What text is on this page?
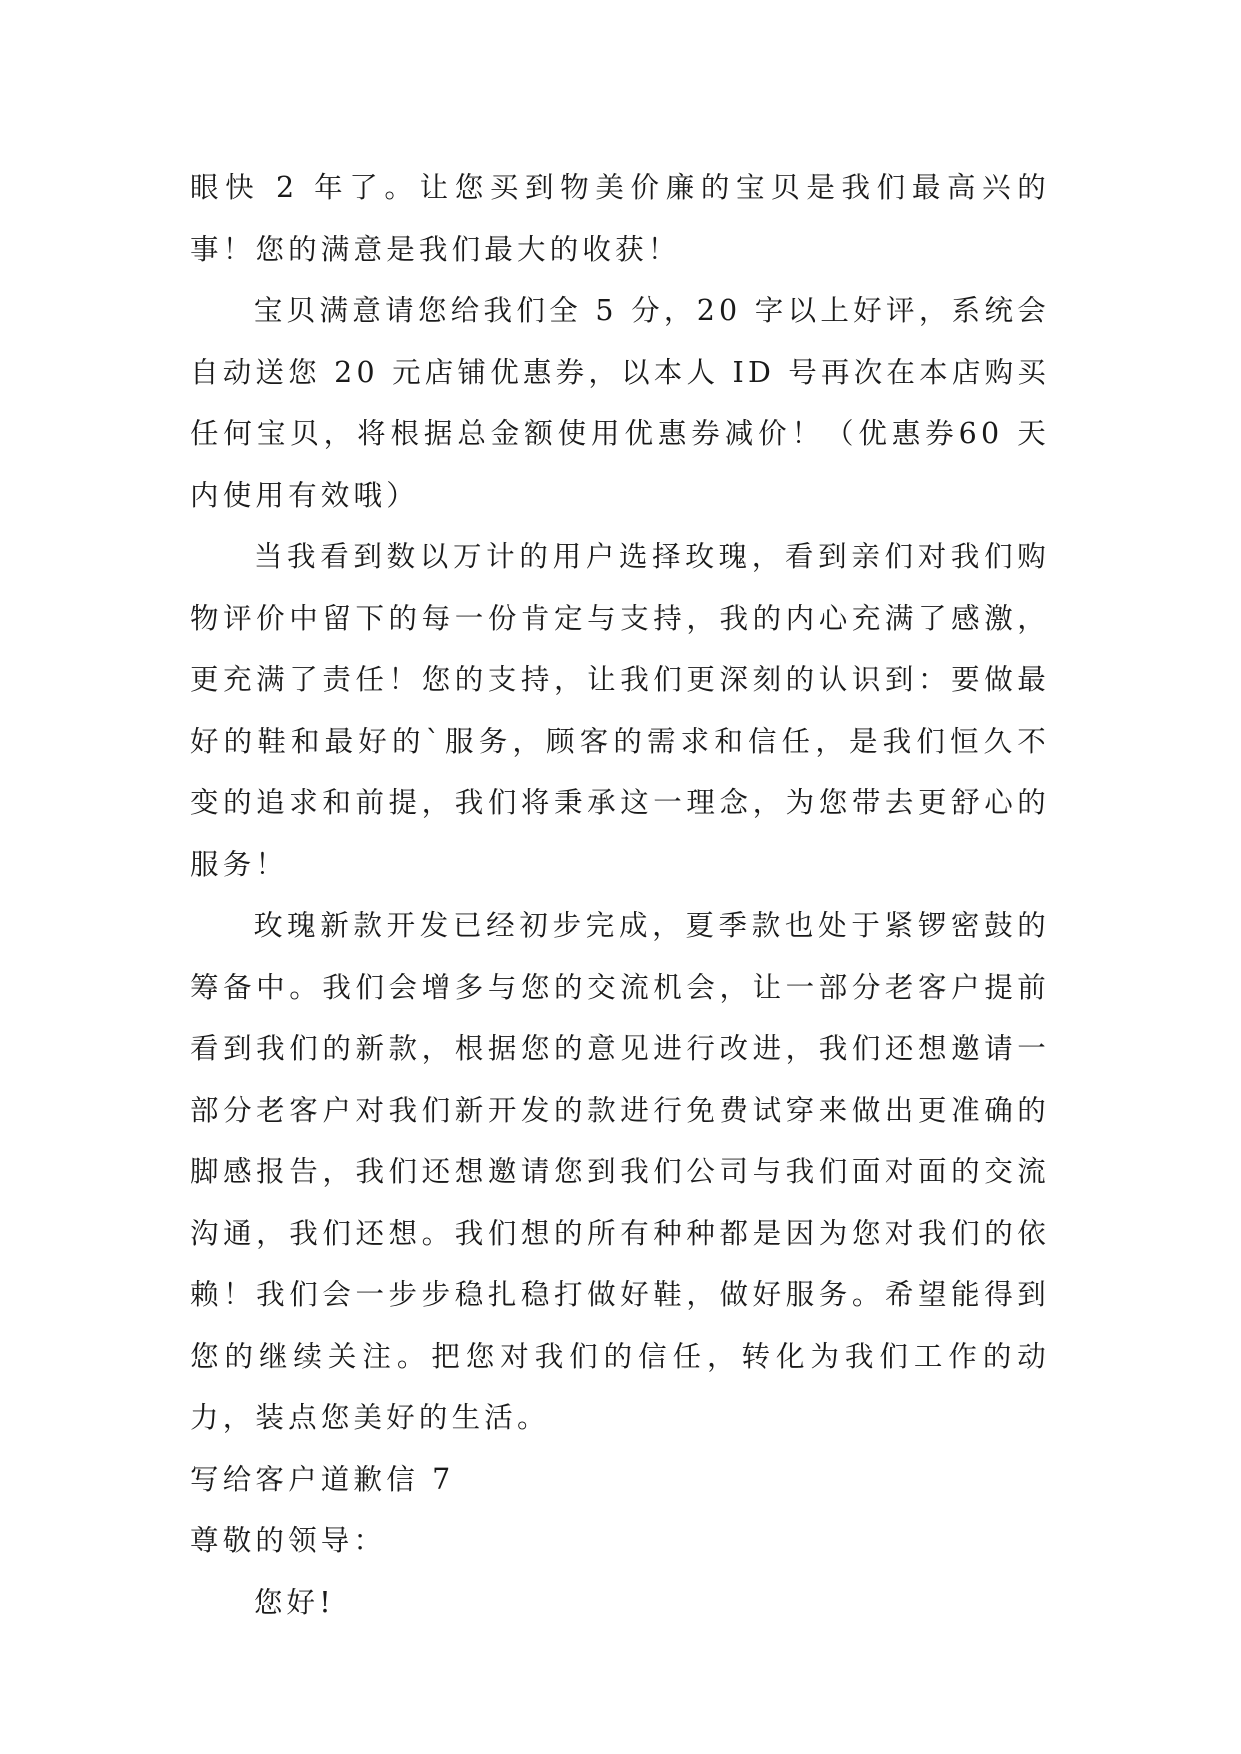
眼快 2 年了。让您买到物美价廉的宝贝是我们最高兴的事！您的满意是我们最大的收获！

宝贝满意请您给我们全 5 分，20 字以上好评，系统会自动送您 20 元店铺优惠券，以本人 ID 号再次在本店购买任何宝贝，将根据总金额使用优惠券减价！（优惠券60 天内使用有效哦）

当我看到数以万计的用户选择玫瑰，看到亲们对我们购物评价中留下的每一份肯定与支持，我的内心充满了感激，更充满了责任！您的支持，让我们更深刻的认识到：要做最好的鞋和最好的`服务，顾客的需求和信任，是我们恒久不变的追求和前提，我们将秉承这一理念，为您带去更舒心的服务！

玫瑰新款开发已经初步完成，夏季款也处于紧锣密鼓的筹备中。我们会增多与您的交流机会，让一部分老客户提前看到我们的新款，根据您的意见进行改进，我们还想邀请一部分老客户对我们新开发的款进行免费试穿来做出更准确的脚感报告，我们还想邀请您到我们公司与我们面对面的交流沟通，我们还想。我们想的所有种种都是因为您对我们的依赖！我们会一步步稳扎稳打做好鞋，做好服务。希望能得到您的继续关注。把您对我们的信任，转化为我们工作的动力，装点您美好的生活。

写给客户道歉信 7

尊敬的领导：

您好!
